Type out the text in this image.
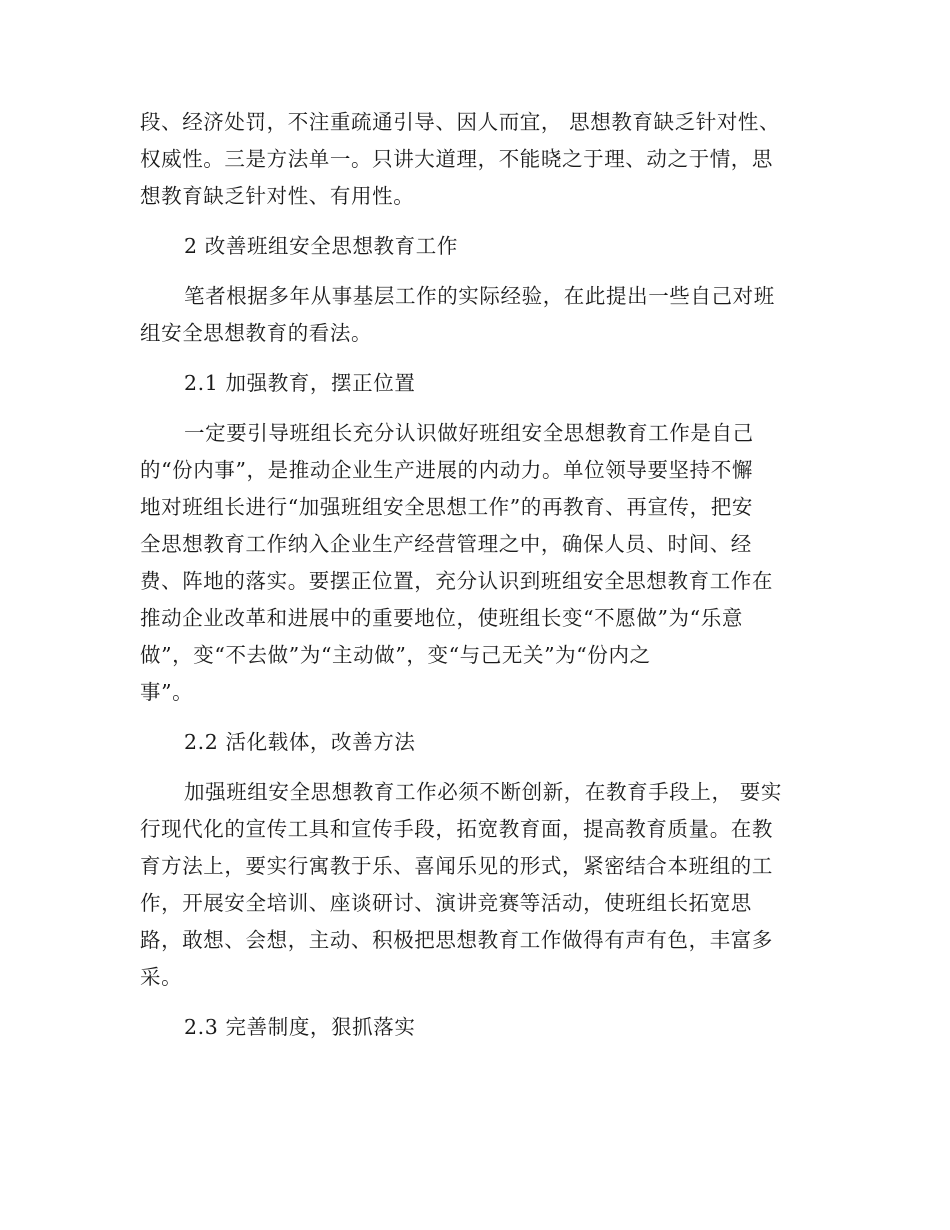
段、经济处罚，不注重疏通引导、因人而宜， 思想教育缺乏针对性、
权威性。三是方法单一。只讲大道理，不能晓之于理、动之于情，思
想教育缺乏针对性、有用性。
2 改善班组安全思想教育工作
笔者根据多年从事基层工作的实际经验，在此提出一些自己对班
组安全思想教育的看法。
2.1 加强教育，摆正位置
一定要引导班组长充分认识做好班组安全思想教育工作是自己
的“份内事”，是推动企业生产进展的内动力。单位领导要坚持不懈
地对班组长进行“加强班组安全思想工作”的再教育、再宣传，把安
全思想教育工作纳入企业生产经营管理之中，确保人员、时间、经
费、阵地的落实。要摆正位置，充分认识到班组安全思想教育工作在
推动企业改革和进展中的重要地位，使班组长变“不愿做”为“乐意
做”，变“不去做”为“主动做”，变“与己无关”为“份内之
事”。
2.2 活化载体，改善方法
加强班组安全思想教育工作必须不断创新，在教育手段上， 要实
行现代化的宣传工具和宣传手段，拓宽教育面，提高教育质量。在教
育方法上，要实行寓教于乐、喜闻乐见的形式，紧密结合本班组的工
作，开展安全培训、座谈研讨、演讲竞赛等活动，使班组长拓宽思
路，敢想、会想，主动、积极把思想教育工作做得有声有色，丰富多
采。
2.3 完善制度，狠抓落实
